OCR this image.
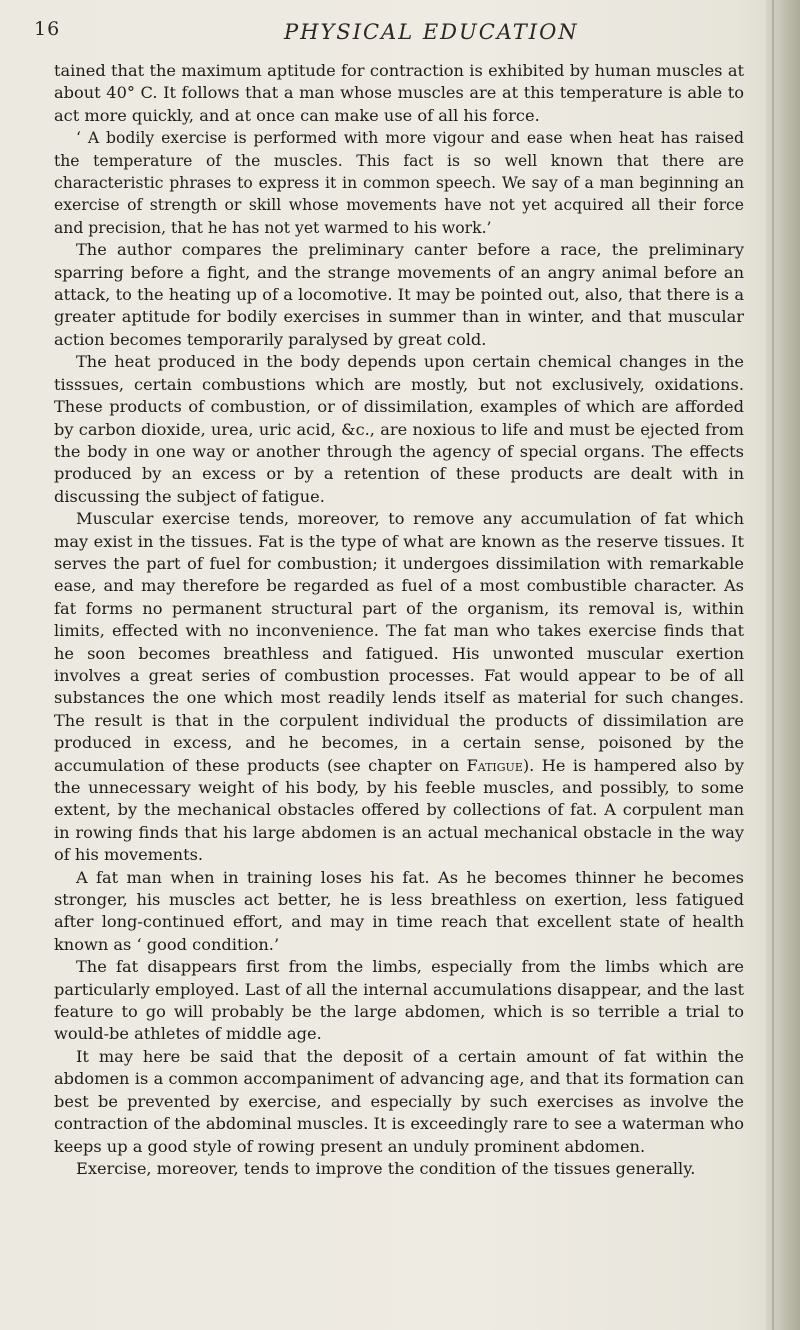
16	PHYSICAL EDUCATION

tained that the maximum aptitude for contraction is exhibited by human muscles at about 40° C. It follows that a man whose muscles are at this temperature is able to act more quickly, and at once can make use of all his force.

‘ A bodily exercise is performed with more vigour and ease when heat has raised the temperature of the muscles. This fact is so well known that there are characteristic phrases to express it in common speech. We say of a man beginning an exercise of strength or skill whose movements have not yet acquired all their force and precision, that he has not yet warmed to his work.’

The author compares the preliminary canter before a race, the preliminary sparring before a fight, and the strange movements of an angry animal before an attack, to the heating up of a locomotive. It may be pointed out, also, that there is a greater aptitude for bodily exercises in summer than in winter, and that muscular action becomes temporarily paralysed by great cold.

The heat produced in the body depends upon certain chemical changes in the tisssues, certain combustions which are mostly, but not exclusively, oxidations. These products of combustion, or of dissimilation, examples of which are afforded by carbon dioxide, urea, uric acid, &c., are noxious to life and must be ejected from the body in one way or another through the agency of special organs. The effects produced by an excess or by a retention of these products are dealt with in discussing the subject of fatigue.

Muscular exercise tends, moreover, to remove any accumulation of fat which may exist in the tissues. Fat is the type of what are known as the reserve tissues. It serves the part of fuel for combustion; it undergoes dissimilation with remarkable ease, and may therefore be regarded as fuel of a most combustible character. As fat forms no permanent structural part of the organism, its removal is, within limits, effected with no inconvenience. The fat man who takes exercise finds that he soon becomes breathless and fatigued. His unwonted muscular exertion involves a great series of combustion processes. Fat would appear to be of all substances the one which most readily lends itself as material for such changes. The result is that in the corpulent individual the products of dissimilation are produced in excess, and he becomes, in a certain sense, poisoned by the accumulation of these products (see chapter on Fatigue). He is hampered also by the unnecessary weight of his body, by his feeble muscles, and possibly, to some extent, by the mechanical obstacles offered by collections of fat. A corpulent man in rowing finds that his large abdomen is an actual mechanical obstacle in the way of his movements.

A fat man when in training loses his fat. As he becomes thinner he becomes stronger, his muscles act better, he is less breathless on exertion, less fatigued after long-continued effort, and may in time reach that excellent state of health known as ‘ good condition.’

The fat disappears first from the limbs, especially from the limbs which are particularly employed. Last of all the internal accumulations disappear, and the last feature to go will probably be the large abdomen, which is so terrible a trial to would-be athletes of middle age.

It may here be said that the deposit of a certain amount of fat within the abdomen is a common accompaniment of advancing age, and that its formation can best be prevented by exercise, and especially by such exercises as involve the contraction of the abdominal muscles. It is exceedingly rare to see a waterman who keeps up a good style of rowing present an unduly prominent abdomen.

Exercise, moreover, tends to improve the condition of the tissues generally.
